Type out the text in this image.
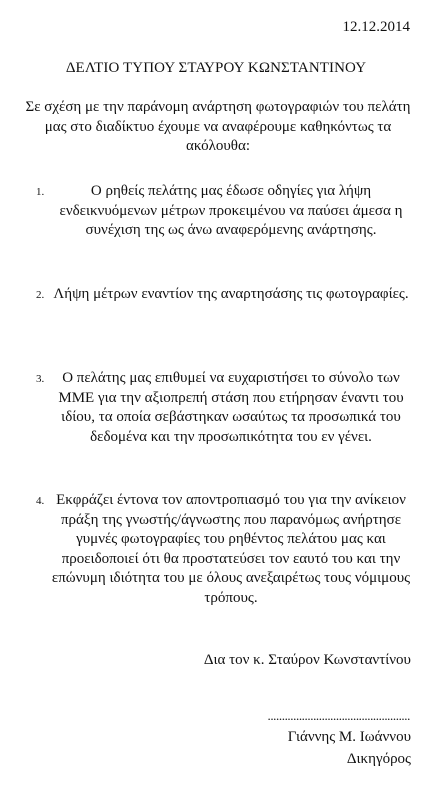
12.12.2014
ΔΕΛΤΙΟ ΤΥΠΟΥ ΣΤΑΥΡΟΥ ΚΩΝΣΤΑΝΤΙΝΟΥ
Σε σχέση με την παράνομη ανάρτηση φωτογραφιών του πελάτη μας στο διαδίκτυο έχουμε να αναφέρουμε καθηκόντως τα ακόλουθα:
1.	Ο ρηθείς πελάτης μας έδωσε οδηγίες για λήψη ενδεικνυόμενων μέτρων προκειμένου να παύσει άμεσα η συνέχιση της ως άνω αναφερόμενης ανάρτησης.
2. Λήψη μέτρων εναντίον της αναρτησάσης τις φωτογραφίες.
3.	Ο πελάτης μας επιθυμεί να ευχαριστήσει το σύνολο των ΜΜΕ για την αξιοπρεπή στάση που ετήρησαν έναντι του ιδίου, τα οποία σεβάστηκαν ωσαύτως τα προσωπικά του δεδομένα και την προσωπικότητα του εν γένει.
4. Εκφράζει έντονα τον αποντροπιασμό του για την ανίκειον πράξη της γνωστής/άγνωστης που παρανόμως ανήρτησε γυμνές φωτογραφίες του ρηθέντος πελάτου μας και προειδοποιεί ότι θα προστατεύσει τον εαυτό του και την επώνυμη ιδιότητα του με όλους ανεξαιρέτως τους νόμιμους τρόπους.
Δια τον κ. Σταύρον Κωνσταντίνου
..................................................
Γιάννης Μ. Ιωάννου
Δικηγόρος
